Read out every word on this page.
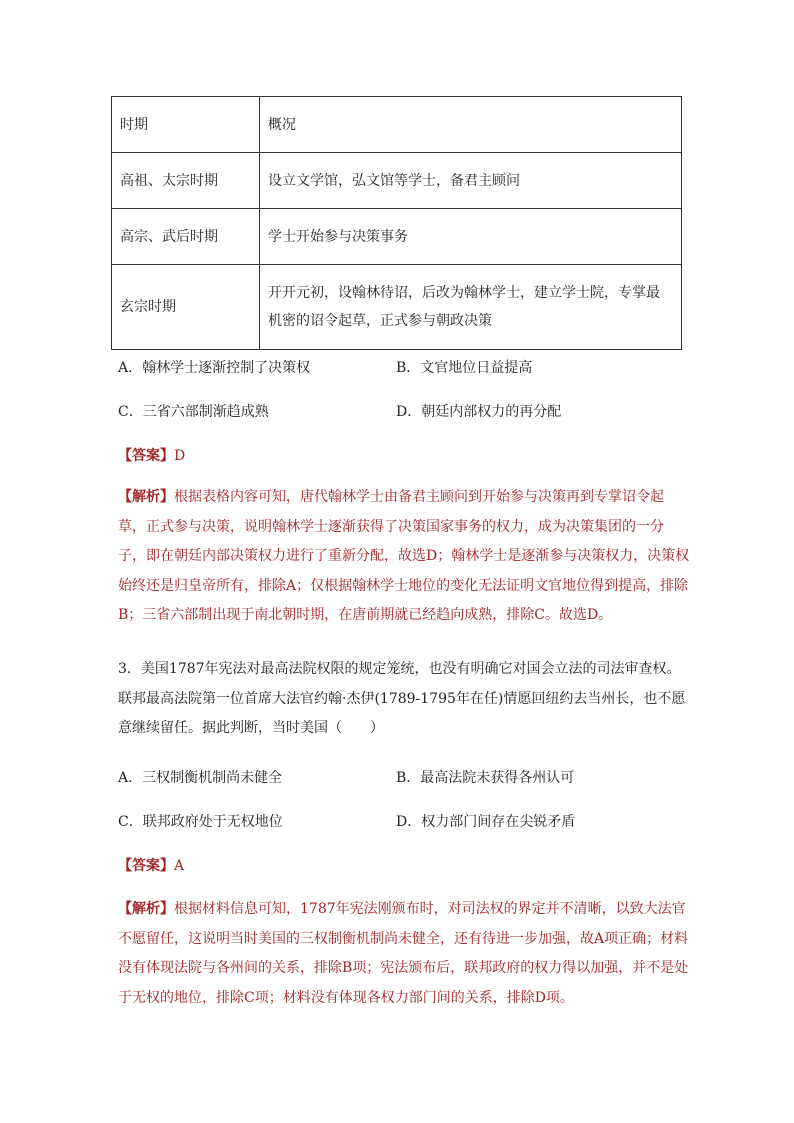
时期	概况
高祖、太宗时期	设立文学馆，弘文馆等学士，备君主顾问
高宗、武后时期	学士开始参与决策事务
玄宗时期	开开元初，设翰林待诏，后改为翰林学士，建立学士院，专掌最机密的诏令起草，正式参与朝政决策
A．翰林学士逐渐控制了决策权	B．文官地位日益提高
C．三省六部制渐趋成熟	D．朝廷内部权力的再分配
【答案】D
【解析】根据表格内容可知，唐代翰林学士由备君主顾问到开始参与决策再到专掌诏令起草，正式参与决策，说明翰林学士逐渐获得了决策国家事务的权力，成为决策集团的一分子，即在朝廷内部决策权力进行了重新分配，故选D；翰林学士是逐渐参与决策权力，决策权始终还是归皇帝所有，排除A；仅根据翰林学士地位的变化无法证明文官地位得到提高，排除B；三省六部制出现于南北朝时期，在唐前期就已经趋向成熟，排除C。故选D。
3．美国1787年宪法对最高法院权限的规定笼统，也没有明确它对国会立法的司法审查权。联邦最高法院第一位首席大法官约翰·杰伊(1789-1795年在任)情愿回纽约去当州长，也不愿意继续留任。据此判断，当时美国（　　）
A．三权制衡机制尚未健全	B．最高法院未获得各州认可
C．联邦政府处于无权地位	D．权力部门间存在尖锐矛盾
【答案】A
【解析】根据材料信息可知，1787年宪法刚颁布时，对司法权的界定并不清晰，以致大法官不愿留任，这说明当时美国的三权制衡机制尚未健全，还有待进一步加强，故A项正确；材料没有体现法院与各州间的关系，排除B项；宪法颁布后，联邦政府的权力得以加强，并不是处于无权的地位，排除C项；材料没有体现各权力部门间的关系，排除D项。
